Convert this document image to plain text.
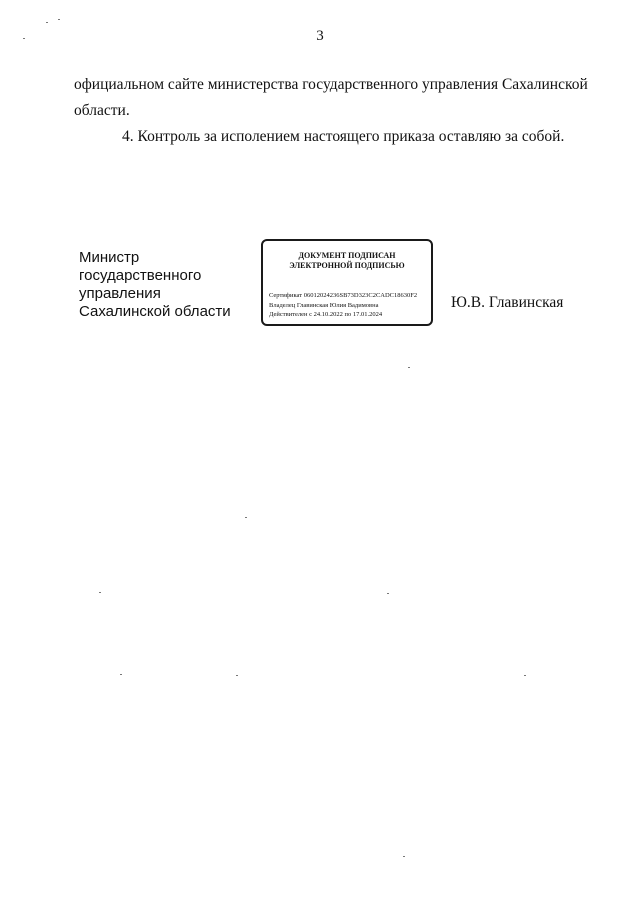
3
официальном сайте министерства государственного управления Сахалинской
области.
4. Контроль за исполением настоящего приказа оставляю за собой.
Министр
государственного
управления
Сахалинской области
ДОКУМЕНТ ПОДПИСАН
ЭЛЕКТРОННОЙ ПОДПИСЬЮ
Сертификат 06012024236SB73D323C2CADC18630F2
Владелец Главинская Юлия Вадимовна
Действителен с 24.10.2022 по 17.01.2024
Ю.В. Главинская
